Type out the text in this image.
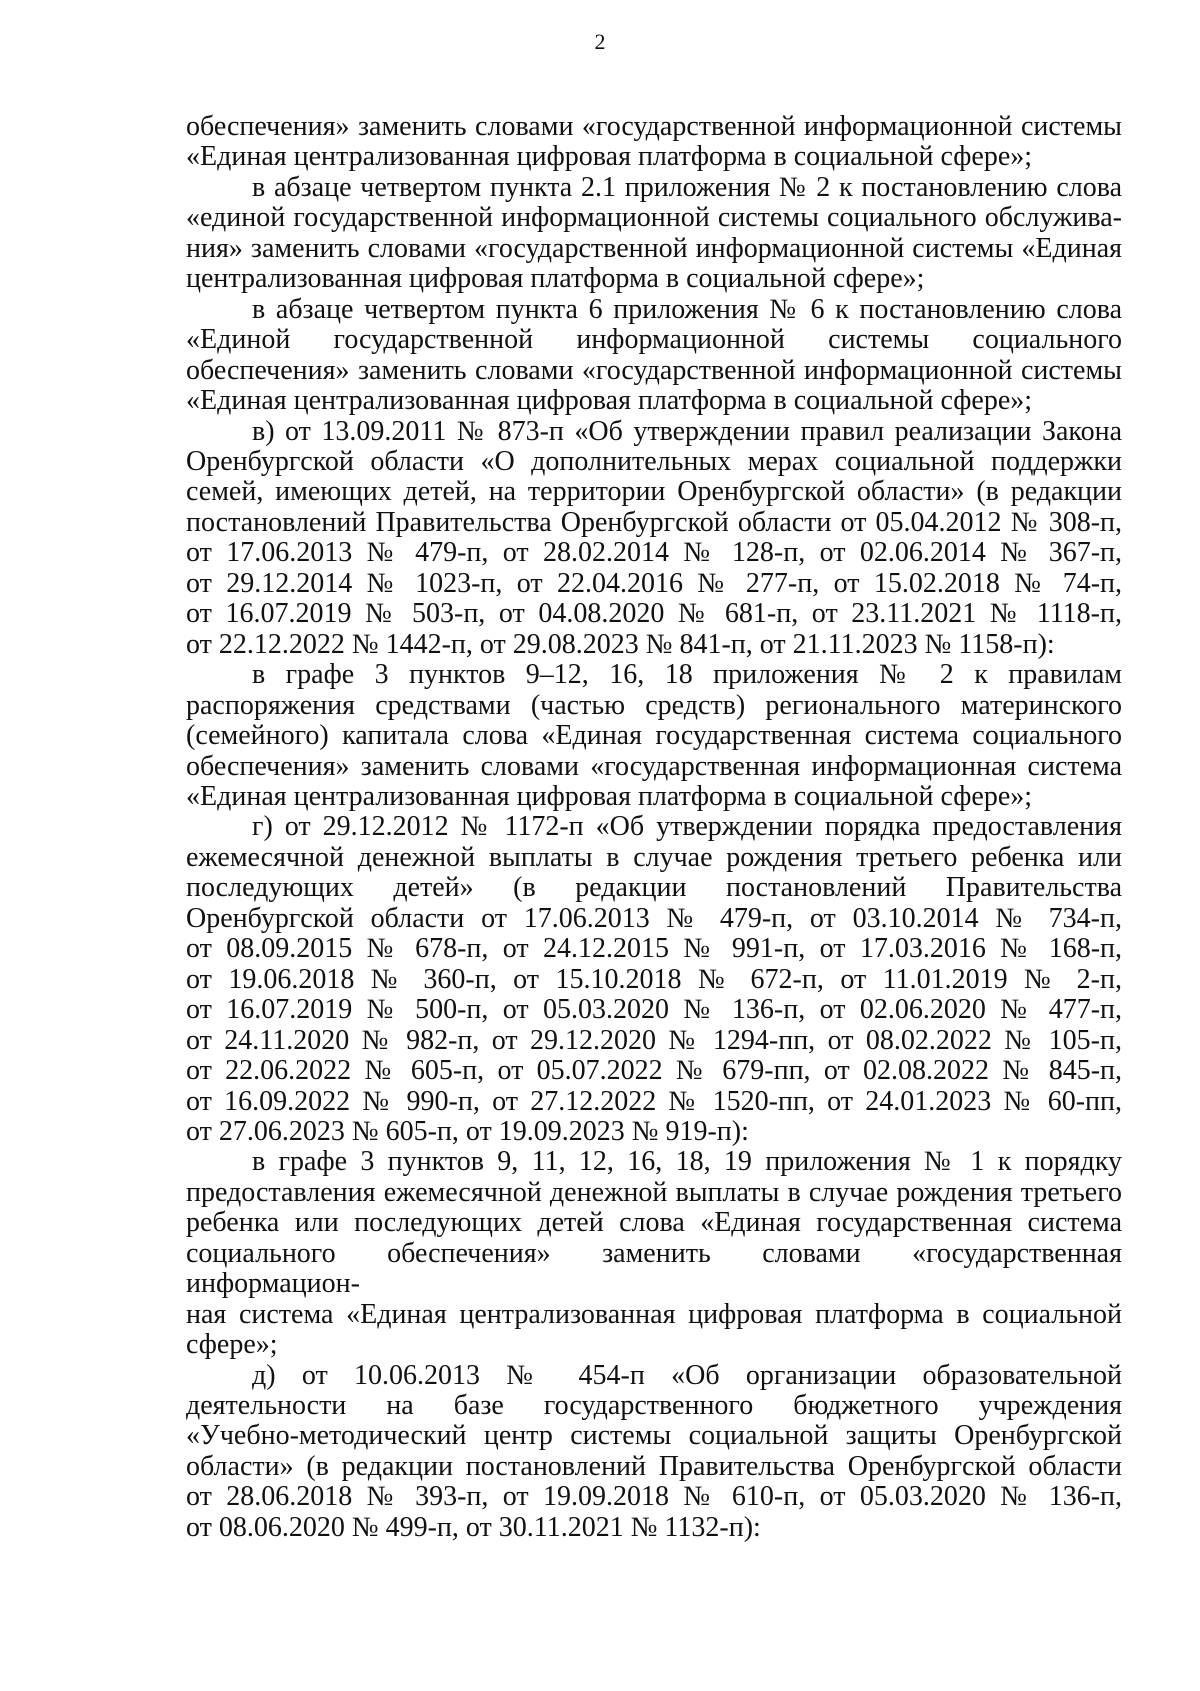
2
обеспечения» заменить словами «государственной информационной системы
«Единая централизованная цифровая платформа в социальной сфере»;
в абзаце четвертом пункта 2.1 приложения № 2 к постановлению слова
«единой государственной информационной системы социального обслужива-
ния» заменить словами «государственной информационной системы «Единая
централизованная цифровая платформа в социальной сфере»;
в абзаце четвертом пункта 6 приложения № 6 к постановлению слова
«Единой государственной информационной системы социального
обеспечения» заменить словами «государственной информационной системы
«Единая централизованная цифровая платформа в социальной сфере»;
в) от 13.09.2011 № 873-п «Об утверждении правил реализации Закона
Оренбургской области «О дополнительных мерах социальной поддержки
семей, имеющих детей, на территории Оренбургской области» (в редакции
постановлений Правительства Оренбургской области от 05.04.2012 № 308-п,
от 17.06.2013 № 479-п, от 28.02.2014 № 128-п, от 02.06.2014 № 367-п,
от 29.12.2014 № 1023-п, от 22.04.2016 № 277-п, от 15.02.2018 № 74-п,
от 16.07.2019 № 503-п, от 04.08.2020 № 681-п, от 23.11.2021 № 1118-п,
от 22.12.2022 № 1442-п, от 29.08.2023 № 841-п, от 21.11.2023 № 1158-п):
в графе 3 пунктов 9–12, 16, 18 приложения № 2 к правилам
распоряжения средствами (частью средств) регионального материнского
(семейного) капитала слова «Единая государственная система социального
обеспечения» заменить словами «государственная информационная система
«Единая централизованная цифровая платформа в социальной сфере»;
г) от 29.12.2012 № 1172-п «Об утверждении порядка предоставления
ежемесячной денежной выплаты в случае рождения третьего ребенка или
последующих детей» (в редакции постановлений Правительства
Оренбургской области от 17.06.2013 № 479-п, от 03.10.2014 № 734-п,
от 08.09.2015 № 678-п, от 24.12.2015 № 991-п, от 17.03.2016 № 168-п,
от 19.06.2018 № 360-п, от 15.10.2018 № 672-п, от 11.01.2019 № 2-п,
от 16.07.2019 № 500-п, от 05.03.2020 № 136-п, от 02.06.2020 № 477-п,
от 24.11.2020 № 982-п, от 29.12.2020 № 1294-пп, от 08.02.2022 № 105-п,
от 22.06.2022 № 605-п, от 05.07.2022 № 679-пп, от 02.08.2022 № 845-п,
от 16.09.2022 № 990-п, от 27.12.2022 № 1520-пп, от 24.01.2023 № 60-пп,
от 27.06.2023 № 605-п, от 19.09.2023 № 919-п):
в графе 3 пунктов 9, 11, 12, 16, 18, 19 приложения № 1 к порядку
предоставления ежемесячной денежной выплаты в случае рождения третьего
ребенка или последующих детей слова «Единая государственная система
социального обеспечения» заменить словами «государственная информацион-
ная система «Единая централизованная цифровая платформа в социальной
сфере»;
д) от 10.06.2013 № 454-п «Об организации образовательной
деятельности на базе государственного бюджетного учреждения
«Учебно-методический центр системы социальной защиты Оренбургской
области» (в редакции постановлений Правительства Оренбургской области
от 28.06.2018 № 393-п, от 19.09.2018 № 610-п, от 05.03.2020 № 136-п,
от 08.06.2020 № 499-п, от 30.11.2021 № 1132-п):
